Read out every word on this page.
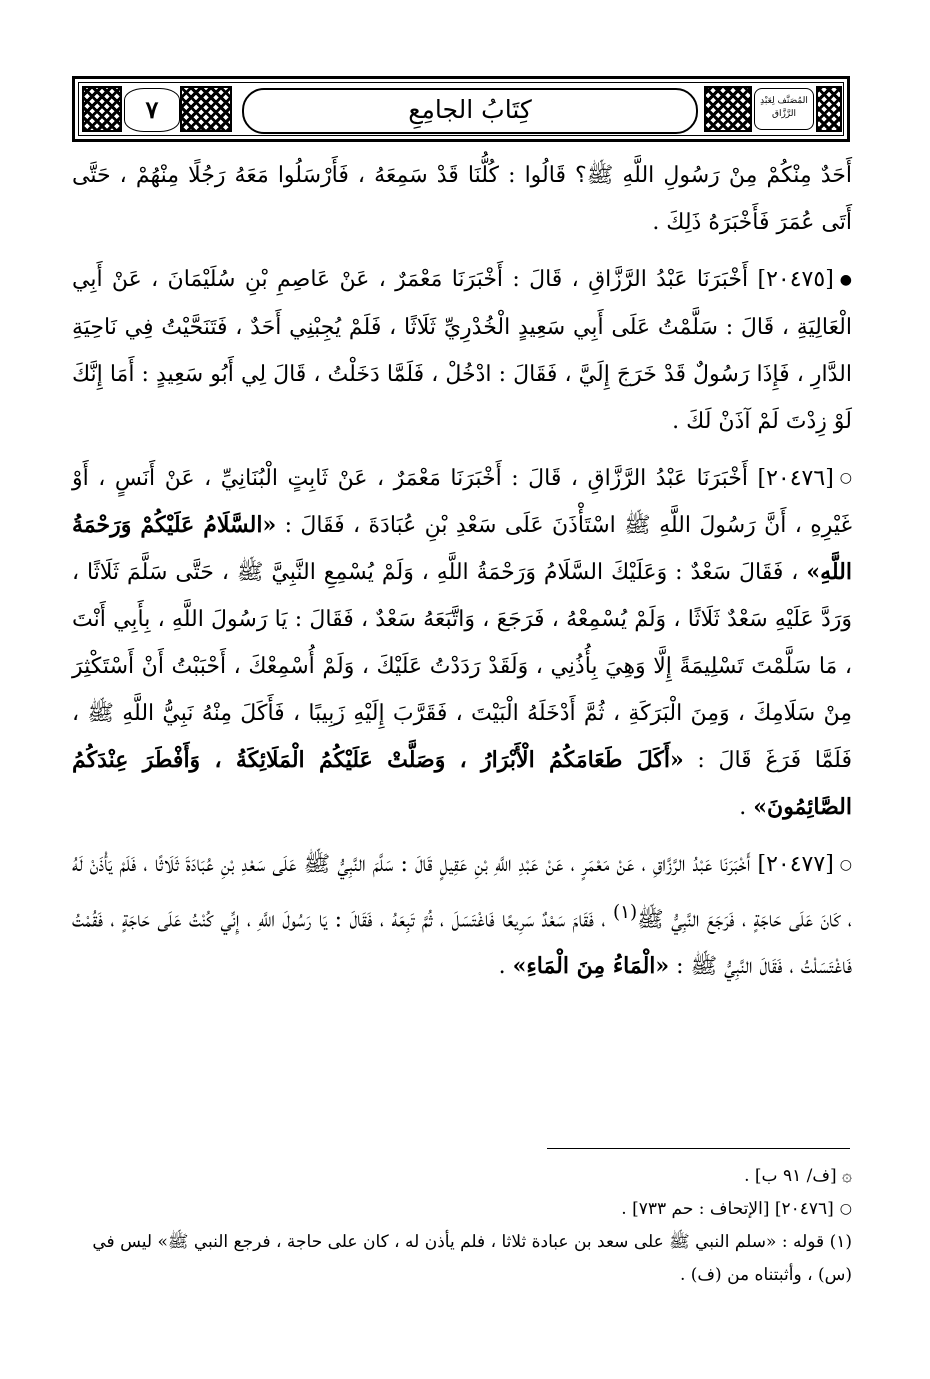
٧	كِتَابُ الجامِعِ	المُصَنَّف لِعَبْدِ الرَّزَّاق

أَحَدٌ مِنْكُمْ مِنْ رَسُولِ اللَّهِ ﷺ؟ قَالُوا : كُلُّنَا قَدْ سَمِعَهُ ، فَأَرْسَلُوا مَعَهُ رَجُلًا مِنْهُمْ ، حَتَّى أَتَى عُمَرَ فَأَخْبَرَهُ ذَلِكَ .

●[٢٠٤٧٥] أَخْبَرَنَا عَبْدُ الرَّزَّاقِ ، قَالَ : أَخْبَرَنَا مَعْمَرٌ ، عَنْ عَاصِمِ بْنِ سُلَيْمَانَ ، عَنْ أَبِي الْعَالِيَةِ ، قَالَ : سَلَّمْتُ عَلَى أَبِي سَعِيدٍ الْخُدْرِيِّ ثَلَاثًا ، فَلَمْ يُجِبْنِي أَحَدٌ ، فَتَنَحَّيْتُ فِي نَاحِيَةِ الدَّارِ ، فَإِذَا رَسُولٌ قَدْ خَرَجَ إِلَيَّ ، فَقَالَ : ادْخُلْ ، فَلَمَّا دَخَلْتُ ، قَالَ لِي أَبُو سَعِيدٍ : أَمَا إِنَّكَ لَوْ زِدْتَ لَمْ آذَنْ لَكَ .

○[٢٠٤٧٦] أَخْبَرَنَا عَبْدُ الرَّزَّاقِ ، قَالَ : أَخْبَرَنَا مَعْمَرٌ ، عَنْ ثَابِتٍ الْبُنَانِيِّ ، عَنْ أَنَسٍ ، أَوْ غَيْرِهِ ، أَنَّ رَسُولَ اللَّهِ ﷺ اسْتَأْذَنَ عَلَى سَعْدِ بْنِ عُبَادَةَ ، فَقَالَ : «السَّلَامُ عَلَيْكُمْ وَرَحْمَةُ اللَّهِ» ، فَقَالَ سَعْدٌ : وَعَلَيْكَ السَّلَامُ وَرَحْمَةُ اللَّهِ ، وَلَمْ يُسْمِعِ النَّبِيَّ ﷺ ، حَتَّى سَلَّمَ ثَلَاثًا ، وَرَدَّ عَلَيْهِ سَعْدٌ ثَلَاثًا ، وَلَمْ يُسْمِعْهُ ، فَرَجَعَ ، وَاتَّبَعَهُ سَعْدٌ ، فَقَالَ : يَا رَسُولَ اللَّهِ ، بِأَبِي أَنْتَ ، مَا سَلَّمْتَ تَسْلِيمَةً إِلَّا وَهِيَ بِأُذُنِي ، وَلَقَدْ رَدَدْتُ عَلَيْكَ ، وَلَمْ أُسْمِعْكَ ، أَحْبَبْتُ أَنْ أَسْتَكْثِرَ مِنْ سَلَامِكَ ، وَمِنَ الْبَرَكَةِ ، ثُمَّ أَدْخَلَهُ الْبَيْتَ ، فَقَرَّبَ إِلَيْهِ زَبِيبًا ، فَأَكَلَ مِنْهُ نَبِيُّ اللَّهِ ﷺ ، فَلَمَّا فَرَغَ قَالَ : «أَكَلَ طَعَامَكُمُ الْأَبْرَارُ ، وَصَلَّتْ عَلَيْكُمُ الْمَلَائِكَةُ ، وَأَفْطَرَ عِنْدَكُمُ الصَّائِمُونَ» .

○[٢٠٤٧٧] أَخْبَرَنَا عَبْدُ الرَّزَّاقِ ، عَنْ مَعْمَرٍ ، عَنْ عَبْدِ اللَّهِ بْنِ عَقِيلٍ قَالَ : سَلَّمَ النَّبِيُّ ﷺ عَلَى سَعْدِ بْنِ عُبَادَةَ ثَلَاثًا ، فَلَمْ يَأْذَنْ لَهُ ، كَانَ عَلَى حَاجَةٍ ، فَرَجَعَ النَّبِيُّ ﷺ$^{(١)}$ ، فَقَامَ سَعْدٌ سَرِيعًا فَاغْتَسَلَ ، ثُمَّ تَبِعَهُ ، فَقَالَ : يَا رَسُولَ اللَّهِ ، إِنِّي كُنْتُ عَلَى حَاجَةٍ ، فَقُمْتُ فَاغْتَسَلْتُ ، فَقَالَ النَّبِيُّ ﷺ : «الْمَاءُ مِنَ الْمَاءِ» .

۞ [ف/ ٩١ ب] .

○[٢٠٤٧٦] [الإتحاف : حم ٧٣٣] .

(١) قوله : «سلم النبي ﷺ على سعد بن عبادة ثلاثا ، فلم يأذن له ، كان على حاجة ، فرجع النبي ﷺ» ليس في (س) ، وأثبتناه من (ف) .
